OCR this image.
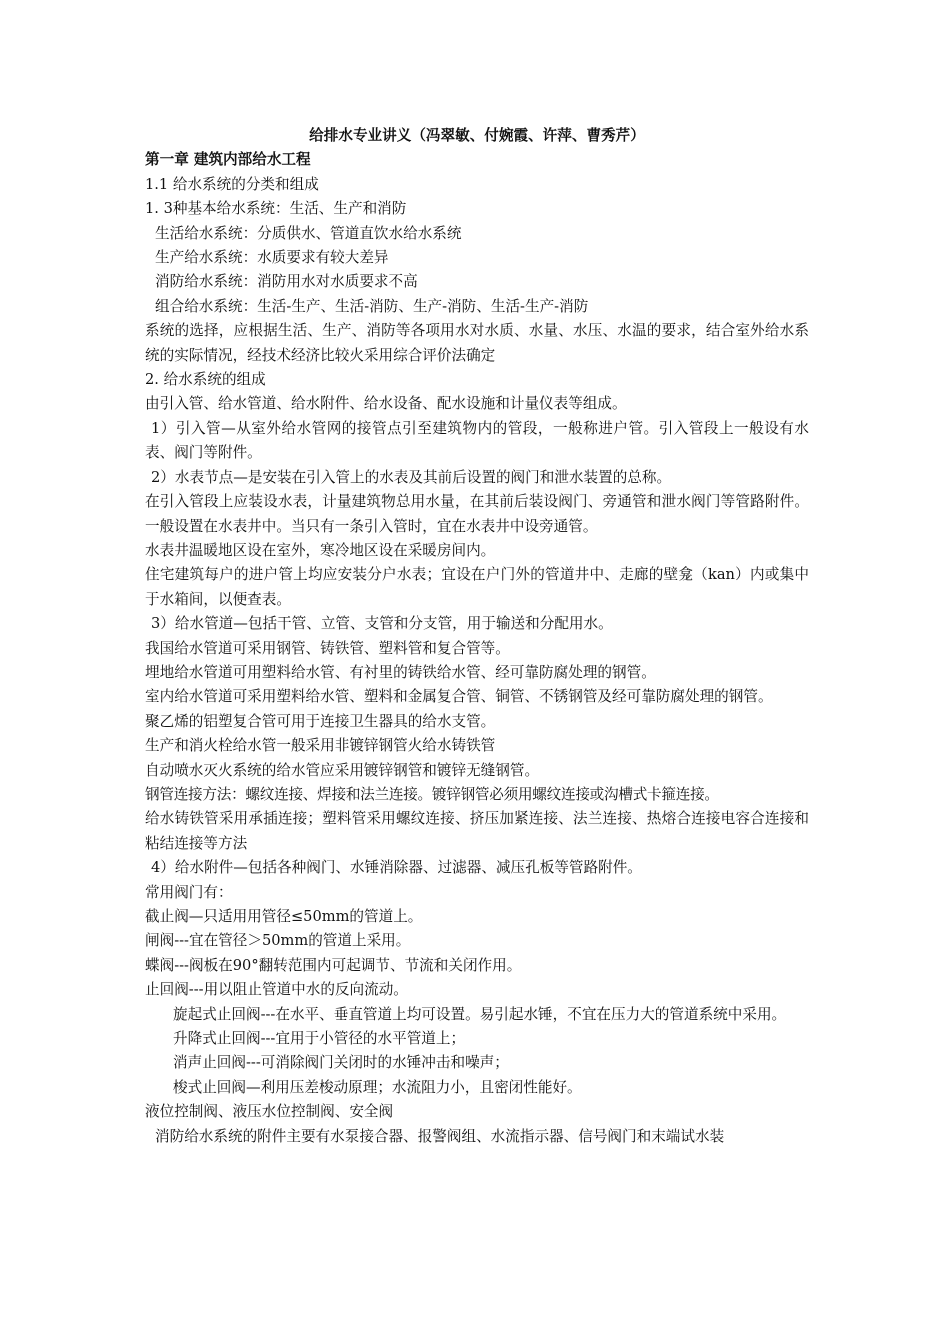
给排水专业讲义（冯翠敏、付婉霞、许萍、曹秀芹）

第一章 建筑内部给水工程

1.1 给水系统的分类和组成

1. 3种基本给水系统：生活、生产和消防

生活给水系统：分质供水、管道直饮水给水系统

生产给水系统：水质要求有较大差异

消防给水系统：消防用水对水质要求不高

组合给水系统：生活-生产、生活-消防、生产-消防、生活-生产-消防

系统的选择，应根据生活、生产、消防等各项用水对水质、水量、水压、水温的要求，结合室外给水系统的实际情况，经技术经济比较火采用综合评价法确定

2. 给水系统的组成

由引入管、给水管道、给水附件、给水设备、配水设施和计量仪表等组成。

1）引入管—从室外给水管网的接管点引至建筑物内的管段，一般称进户管。引入管段上一般设有水表、阀门等附件。

2）水表节点—是安装在引入管上的水表及其前后设置的阀门和泄水装置的总称。

在引入管段上应装设水表，计量建筑物总用水量，在其前后装设阀门、旁通管和泄水阀门等管路附件。一般设置在水表井中。当只有一条引入管时，宜在水表井中设旁通管。

水表井温暖地区设在室外，寒冷地区设在采暖房间内。

住宅建筑每户的进户管上均应安装分户水表；宜设在户门外的管道井中、走廊的壁龛（kan）内或集中于水箱间，以便查表。

3）给水管道—包括干管、立管、支管和分支管，用于输送和分配用水。

我国给水管道可采用钢管、铸铁管、塑料管和复合管等。

埋地给水管道可用塑料给水管、有衬里的铸铁给水管、经可靠防腐处理的钢管。

室内给水管道可采用塑料给水管、塑料和金属复合管、铜管、不锈钢管及经可靠防腐处理的钢管。

聚乙烯的铝塑复合管可用于连接卫生器具的给水支管。

生产和消火栓给水管一般采用非镀锌钢管火给水铸铁管

自动喷水灭火系统的给水管应采用镀锌钢管和镀锌无缝钢管。

钢管连接方法：螺纹连接、焊接和法兰连接。镀锌钢管必须用螺纹连接或沟槽式卡箍连接。

给水铸铁管采用承插连接；塑料管采用螺纹连接、挤压加紧连接、法兰连接、热熔合连接电容合连接和粘结连接等方法

4）给水附件—包括各种阀门、水锤消除器、过滤器、减压孔板等管路附件。

常用阀门有：

截止阀—只适用用管径≤50mm的管道上。

闸阀---宜在管径＞50mm的管道上采用。

蝶阀---阀板在90°翻转范围内可起调节、节流和关闭作用。

止回阀---用以阻止管道中水的反向流动。

旋起式止回阀---在水平、垂直管道上均可设置。易引起水锤，不宜在压力大的管道系统中采用。

升降式止回阀---宜用于小管径的水平管道上；

消声止回阀---可消除阀门关闭时的水锤冲击和噪声；

梭式止回阀—利用压差梭动原理；水流阻力小，且密闭性能好。

液位控制阀、液压水位控制阀、安全阀

消防给水系统的附件主要有水泵接合器、报警阀组、水流指示器、信号阀门和末端试水装
